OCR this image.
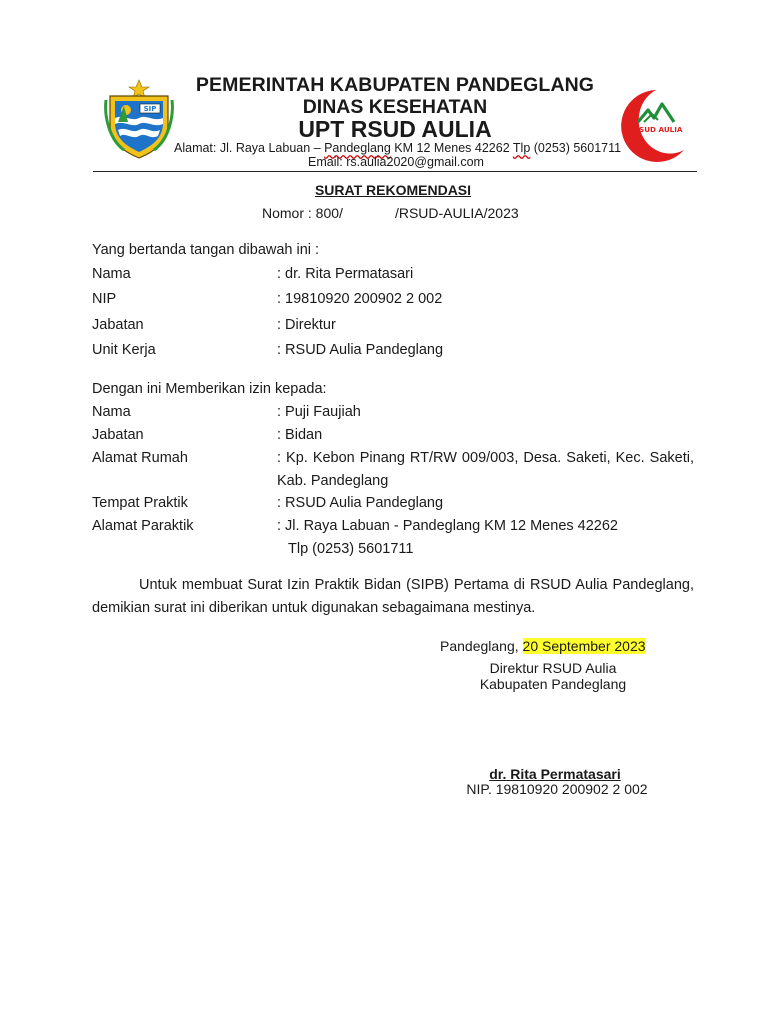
SIP
PEMERINTAH KABUPATEN PANDEGLANG
DINAS KESEHATAN
UPT RSUD AULIA
Alamat: Jl. Raya Labuan – Pandeglang KM 12 Menes 42262 Tlp (0253) 5601711
Email: rs.aulia2020@gmail.com
RSUD AULIA
SURAT REKOMENDASI
Nomor : 800/	/RSUD-AULIA/2023
Yang bertanda tangan dibawah ini :
Nama	: dr. Rita Permatasari
NIP	: 19810920 200902 2 002
Jabatan	: Direktur
Unit Kerja	: RSUD Aulia Pandeglang
Dengan ini Memberikan izin kepada:
Nama	: Puji Faujiah
Jabatan	: Bidan
Alamat Rumah	: Kp. Kebon Pinang RT/RW 009/003, Desa. Saketi, Kec. Saketi, Kab. Pandeglang
Tempat Praktik	: RSUD Aulia Pandeglang
Alamat Paraktik	: Jl. Raya Labuan - Pandeglang KM 12 Menes 42262
Tlp (0253) 5601711
Untuk membuat Surat Izin Praktik Bidan (SIPB) Pertama di RSUD Aulia Pandeglang, demikian surat ini diberikan untuk digunakan sebagaimana mestinya.
Pandeglang, 20 September 2023
Direktur RSUD Aulia
Kabupaten Pandeglang
dr. Rita Permatasari
NIP. 19810920 200902 2 002
